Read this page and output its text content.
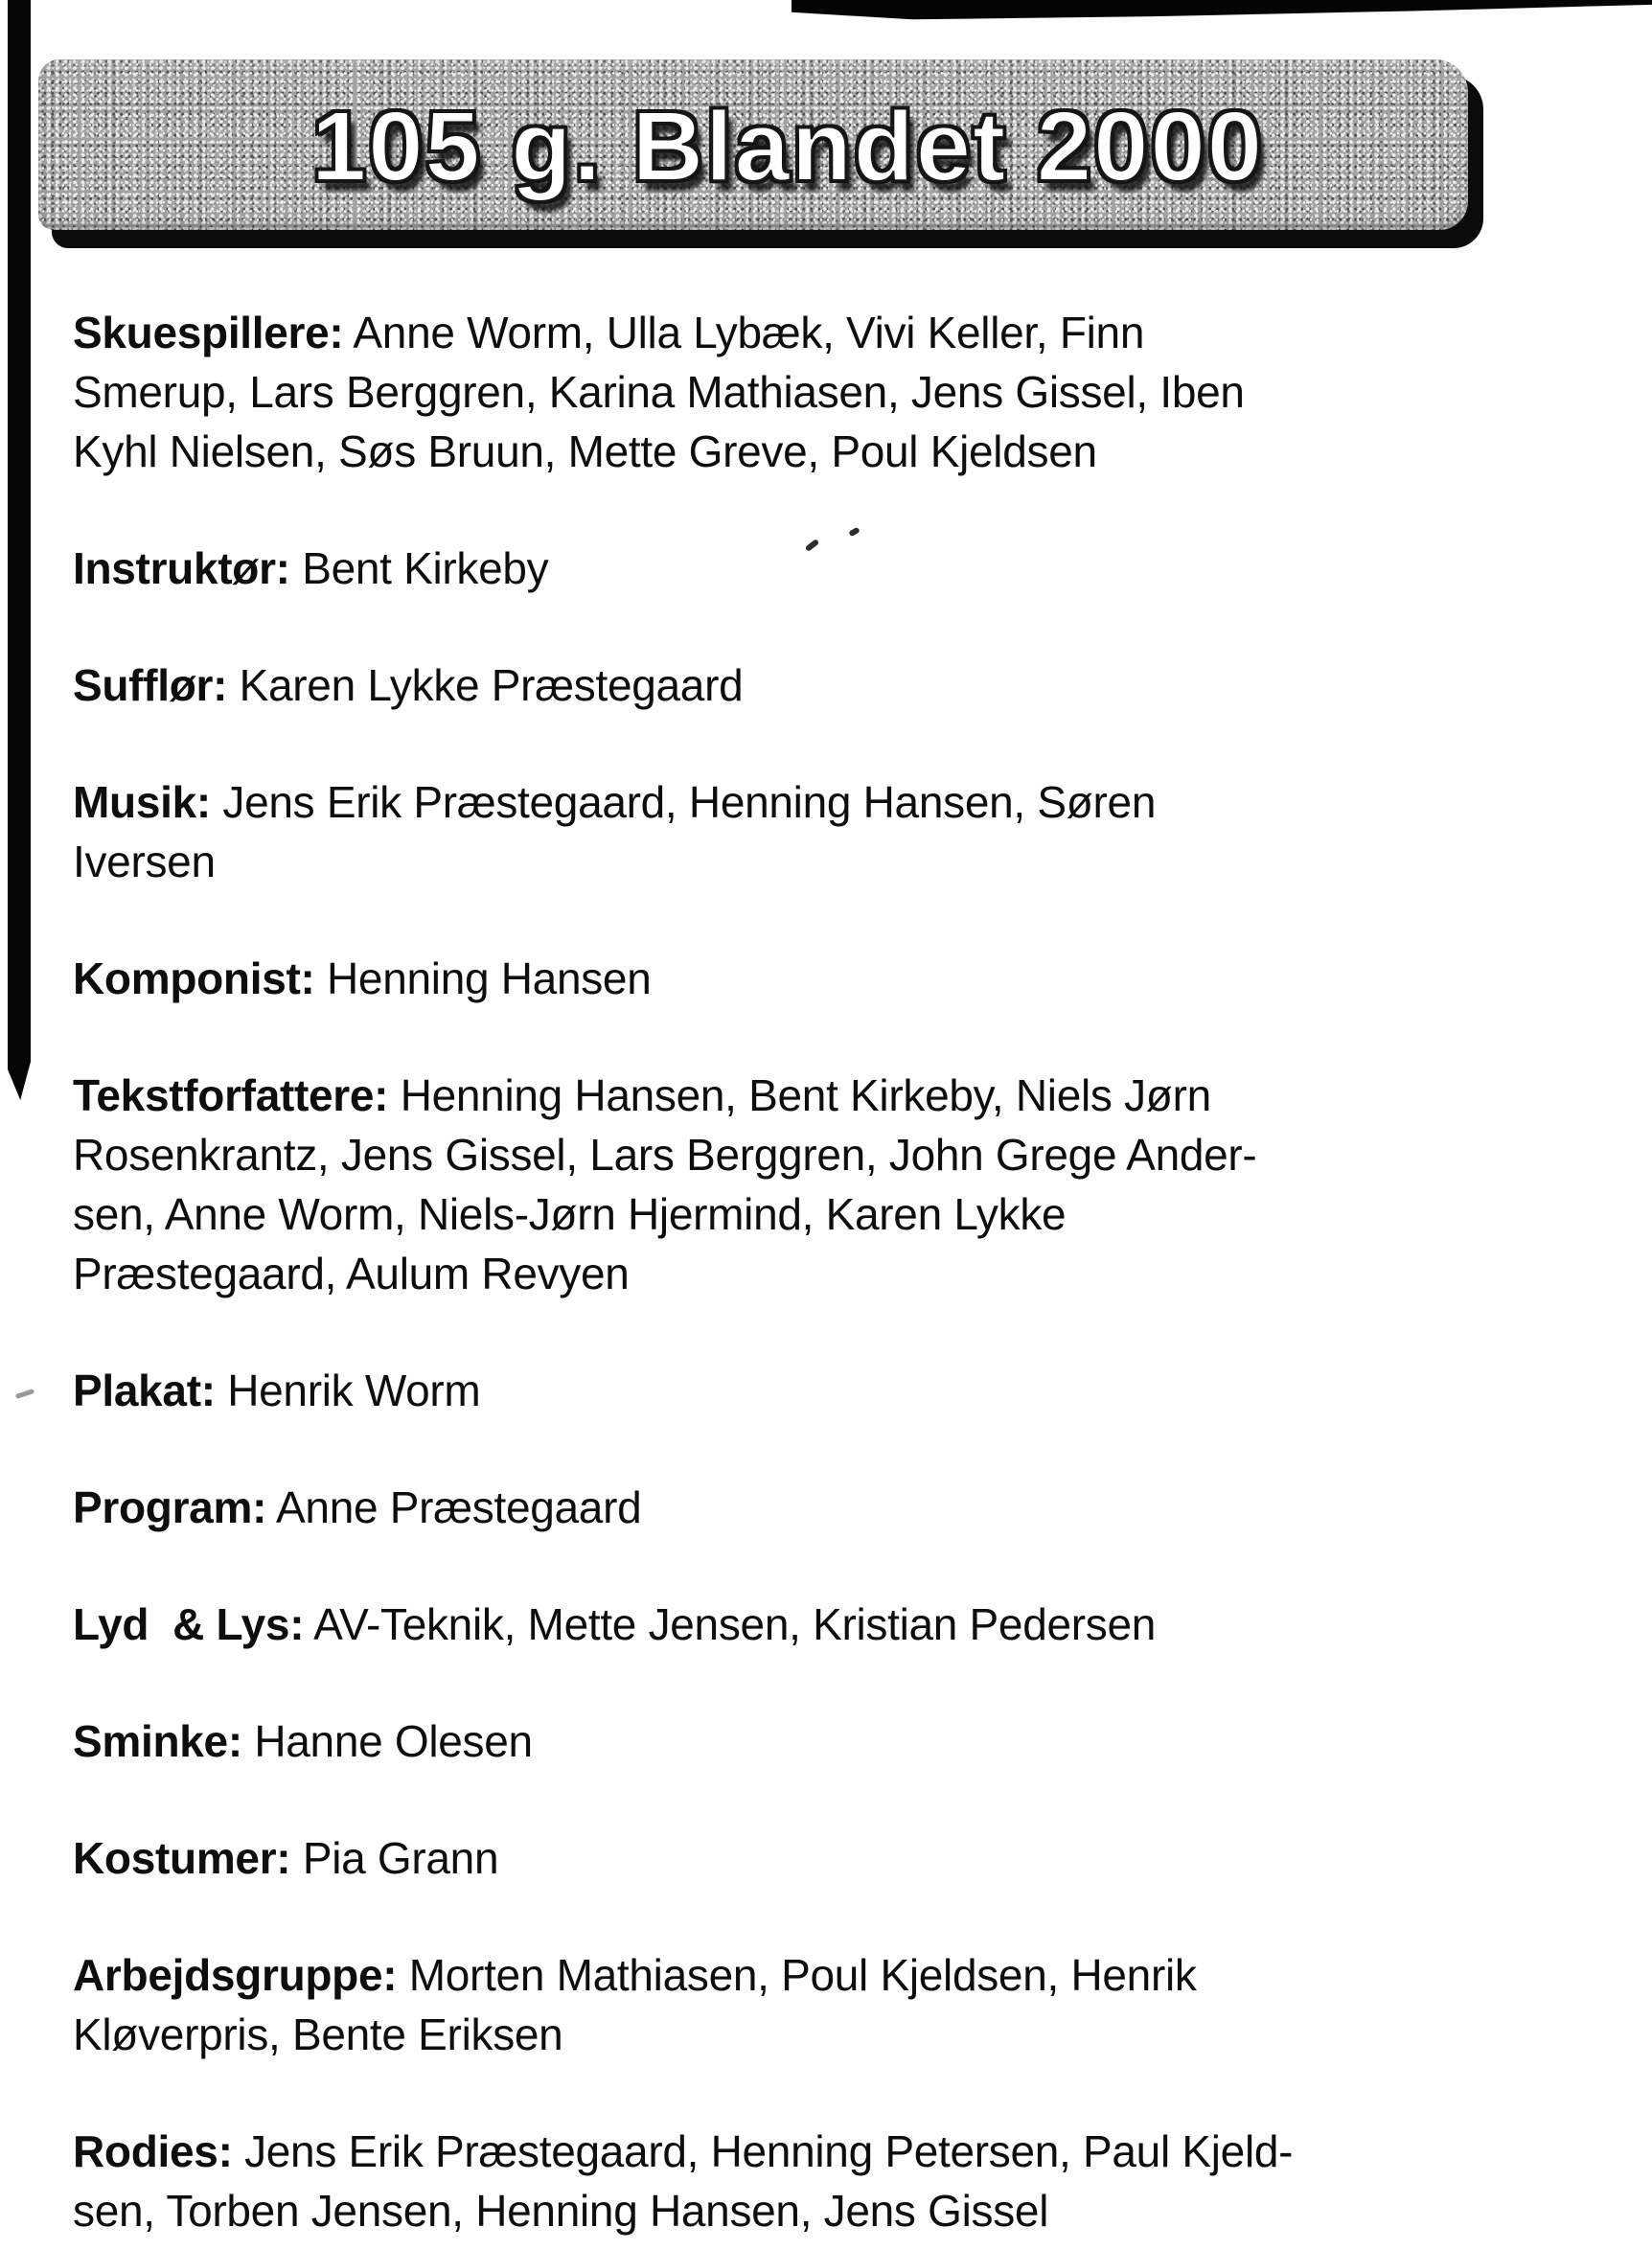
105 g. Blandet 2000
Skuespillere: Anne Worm, Ulla Lybæk, Vivi Keller, Finn
Smerup, Lars Berggren, Karina Mathiasen, Jens Gissel, Iben
Kyhl Nielsen, Søs Bruun, Mette Greve, Poul Kjeldsen
Instruktør: Bent Kirkeby
Sufflør: Karen Lykke Præstegaard
Musik: Jens Erik Præstegaard, Henning Hansen, Søren
Iversen
Komponist: Henning Hansen
Tekstforfattere: Henning Hansen, Bent Kirkeby, Niels Jørn
Rosenkrantz, Jens Gissel, Lars Berggren, John Grege Ander-
sen, Anne Worm, Niels-Jørn Hjermind, Karen Lykke
Præstegaard, Aulum Revyen
Plakat: Henrik Worm
Program: Anne Præstegaard
Lyd  & Lys: AV-Teknik, Mette Jensen, Kristian Pedersen
Sminke: Hanne Olesen
Kostumer: Pia Grann
Arbejdsgruppe: Morten Mathiasen, Poul Kjeldsen, Henrik
Kløverpris, Bente Eriksen
Rodies: Jens Erik Præstegaard, Henning Petersen, Paul Kjeld-
sen, Torben Jensen, Henning Hansen, Jens Gissel
